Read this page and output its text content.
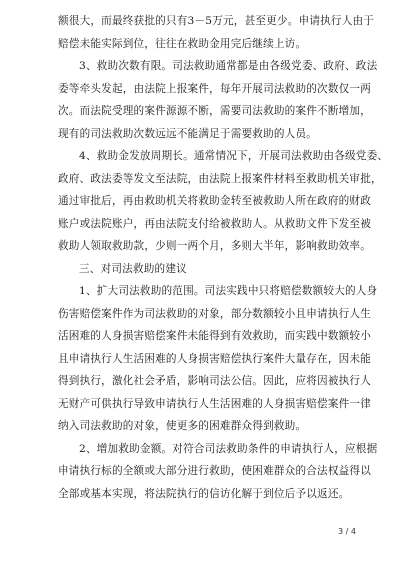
额很大，而最终获批的只有3－5万元，甚至更少。申请执行人由于
赔偿未能实际到位，往往在救助金用完后继续上访。
3、救助次数有限。司法救助通常都是由各级党委、政府、政法
委等牵头发起，由法院上报案件，每年开展司法救助的次数仅一两
次。而法院受理的案件源源不断，需要司法救助的案件不断增加，
现有的司法救助次数远远不能满足于需要救助的人员。
4、救助金发放周期长。通常情况下，开展司法救助由各级党委、
政府、政法委等发文至法院，由法院上报案件材料至救助机关审批，
通过审批后，再由救助机关将救助金转至被救助人所在政府的财政
账户或法院账户，再由法院支付给被救助人。从救助文件下发至被
救助人领取救助款，少则一两个月，多则大半年，影响救助效率。
三、对司法救助的建议
1、扩大司法救助的范围。司法实践中只将赔偿数额较大的人身
伤害赔偿案件作为司法救助的对象，部分数额较小且申请执行人生
活困难的人身损害赔偿案件未能得到有效救助，而实践中数额较小
且申请执行人生活困难的人身损害赔偿执行案件大量存在，因未能
得到执行，激化社会矛盾，影响司法公信。因此，应将因被执行人
无财产可供执行导致申请执行人生活困难的人身损害赔偿案件一律
纳入司法救助的对象，使更多的困难群众得到救助。
2、增加救助金额。对符合司法救助条件的申请执行人，应根据
申请执行标的全额或大部分进行救助，使困难群众的合法权益得以
全部或基本实现，将法院执行的信访化解于到位后予以返还。
3 / 4
